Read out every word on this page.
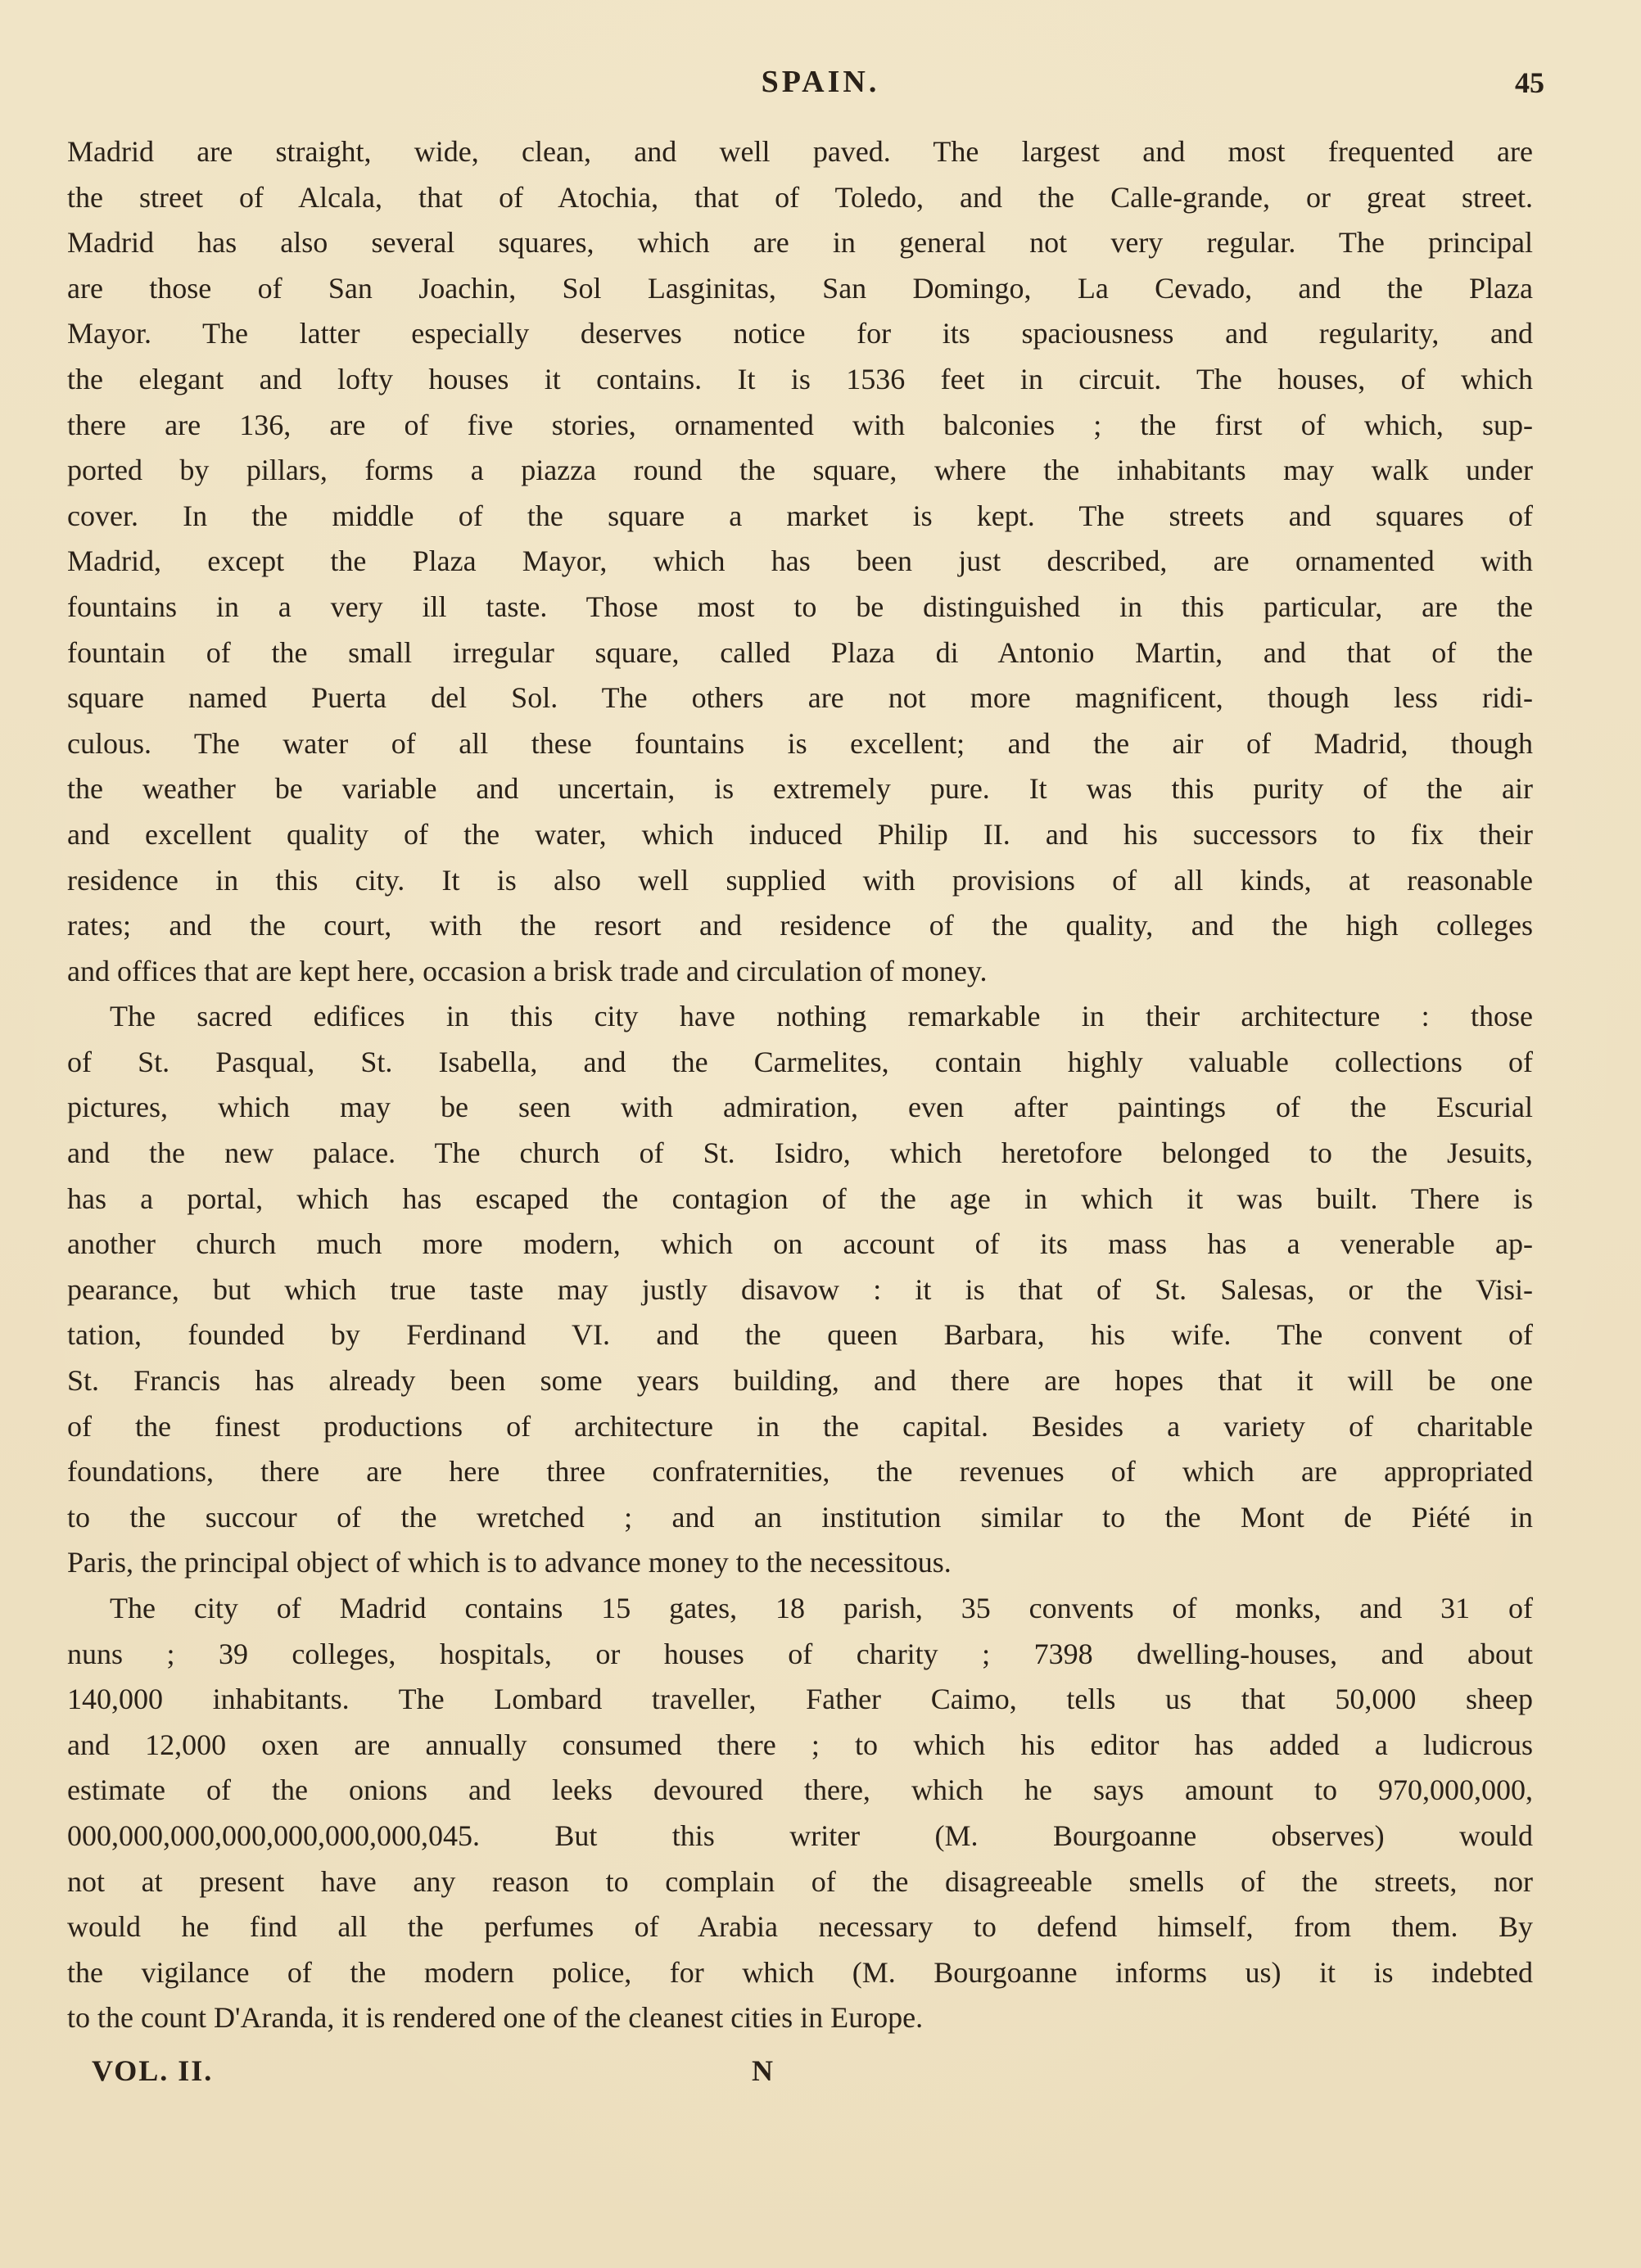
SPAIN.	45
Madrid are straight, wide, clean, and well paved. The largest and most frequented are
the street of Alcala, that of Atochia, that of Toledo, and the Calle-grande, or great street.
Madrid has also several squares, which are in general not very regular. The principal
are those of San Joachin, Sol Lasginitas, San Domingo, La Cevado, and the Plaza
Mayor. The latter especially deserves notice for its spaciousness and regularity, and
the elegant and lofty houses it contains. It is 1536 feet in circuit. The houses, of which
there are 136, are of five stories, ornamented with balconies ; the first of which, sup-
ported by pillars, forms a piazza round the square, where the inhabitants may walk under
cover. In the middle of the square a market is kept. The streets and squares of
Madrid, except the Plaza Mayor, which has been just described, are ornamented with
fountains in a very ill taste. Those most to be distinguished in this particular, are the
fountain of the small irregular square, called Plaza di Antonio Martin, and that of the
square named Puerta del Sol. The others are not more magnificent, though less ridi-
culous. The water of all these fountains is excellent; and the air of Madrid, though
the weather be variable and uncertain, is extremely pure. It was this purity of the air
and excellent quality of the water, which induced Philip II. and his successors to fix their
residence in this city. It is also well supplied with provisions of all kinds, at reasonable
rates; and the court, with the resort and residence of the quality, and the high colleges
and offices that are kept here, occasion a brisk trade and circulation of money.
The sacred edifices in this city have nothing remarkable in their architecture : those
of St. Pasqual, St. Isabella, and the Carmelites, contain highly valuable collections of
pictures, which may be seen with admiration, even after paintings of the Escurial
and the new palace. The church of St. Isidro, which heretofore belonged to the Jesuits,
has a portal, which has escaped the contagion of the age in which it was built. There is
another church much more modern, which on account of its mass has a venerable ap-
pearance, but which true taste may justly disavow : it is that of St. Salesas, or the Visi-
tation, founded by Ferdinand VI. and the queen Barbara, his wife. The convent of
St. Francis has already been some years building, and there are hopes that it will be one
of the finest productions of architecture in the capital. Besides a variety of charitable
foundations, there are here three confraternities, the revenues of which are appropriated
to the succour of the wretched ; and an institution similar to the Mont de Piété in
Paris, the principal object of which is to advance money to the necessitous.
The city of Madrid contains 15 gates, 18 parish, 35 convents of monks, and 31 of
nuns ; 39 colleges, hospitals, or houses of charity ; 7398 dwelling-houses, and about
140,000 inhabitants. The Lombard traveller, Father Caimo, tells us that 50,000 sheep
and 12,000 oxen are annually consumed there ; to which his editor has added a ludicrous
estimate of the onions and leeks devoured there, which he says amount to 970,000,000,
000,000,000,000,000,000,000,045. But this writer (M. Bourgoanne observes) would
not at present have any reason to complain of the disagreeable smells of the streets, nor
would he find all the perfumes of Arabia necessary to defend himself, from them. By
the vigilance of the modern police, for which (M. Bourgoanne informs us) it is indebted
to the count D'Aranda, it is rendered one of the cleanest cities in Europe.
VOL. II.	N
